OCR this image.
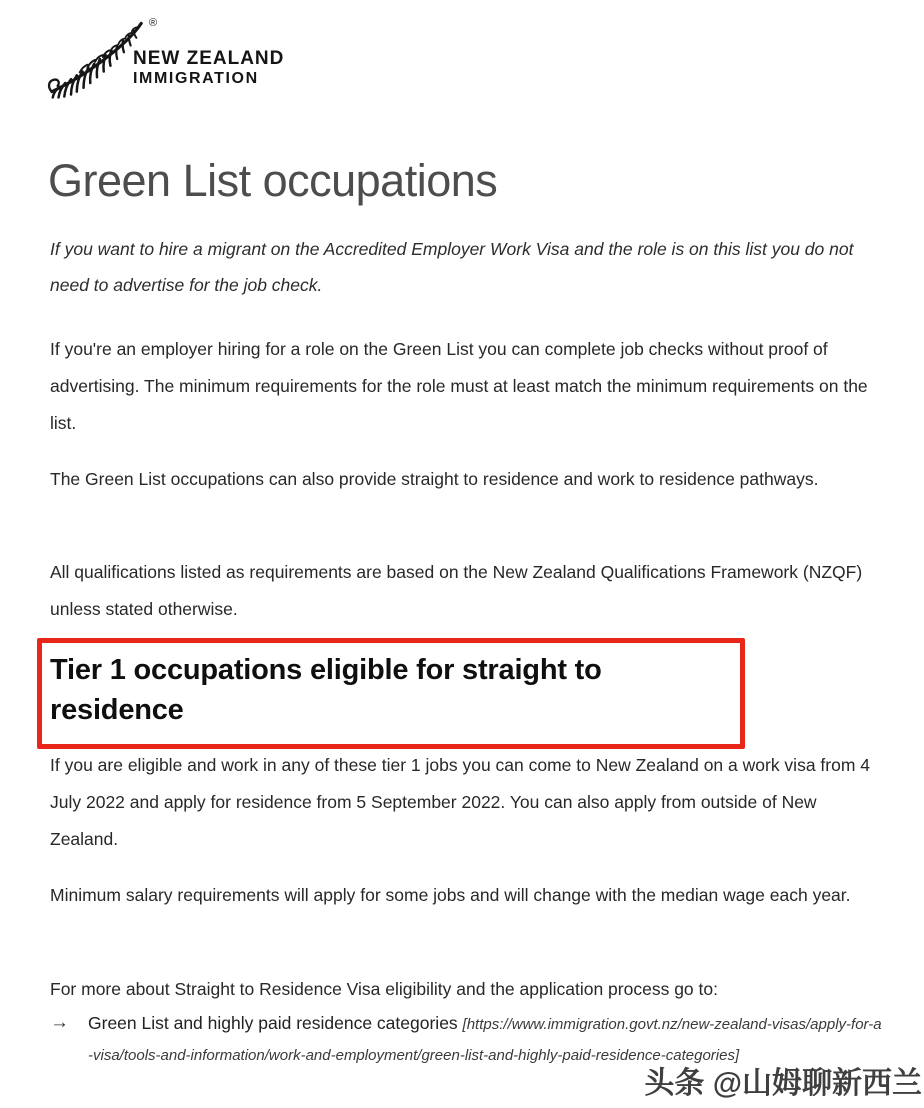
®
NEW ZEALAND
IMMIGRATION
Green List occupations

If you want to hire a migrant on the Accredited Employer Work Visa and the role is on this list you do not need to advertise for the job check.

If you're an employer hiring for a role on the Green List you can complete job checks without proof of advertising. The minimum requirements for the role must at least match the minimum requirements on the list.

The Green List occupations can also provide straight to residence and work to residence pathways.

All qualifications listed as requirements are based on the New Zealand Qualifications Framework (NZQF) unless stated otherwise.

Tier 1 occupations eligible for straight to residence

If you are eligible and work in any of these tier 1 jobs you can come to New Zealand on a work visa from 4 July 2022 and apply for residence from 5 September 2022. You can also apply from outside of New Zealand.

Minimum salary requirements will apply for some jobs and will change with the median wage each year.

For more about Straight to Residence Visa eligibility and the application process go to:

→	Green List and highly paid residence categories [https://www.immigration.govt.nz/new-zealand-visas/apply-for-a-visa/tools-and-information/work-and-employment/green-list-and-highly-paid-residence-categories]
头条 @山姆聊新西兰
